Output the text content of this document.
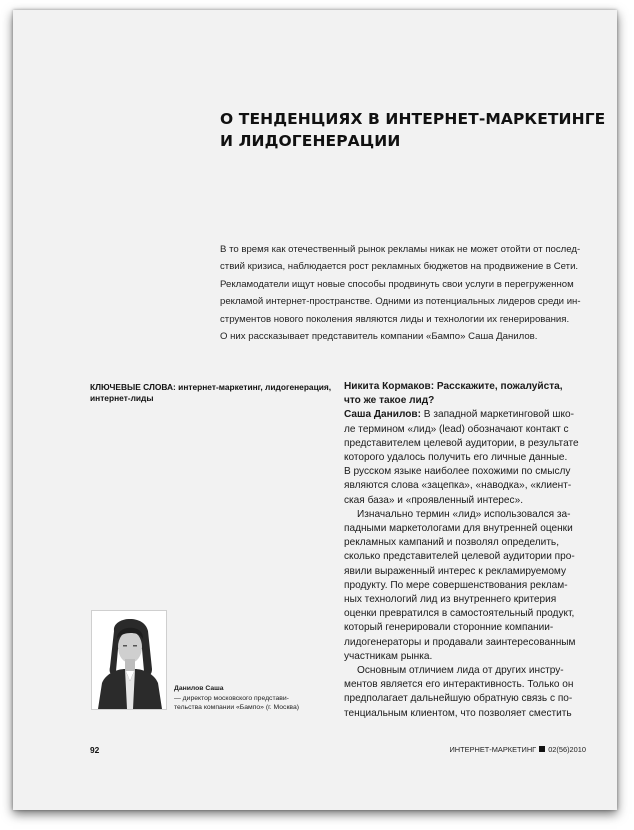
О ТЕНДЕНЦИЯХ В ИНТЕРНЕТ-МАРКЕТИНГЕ
И ЛИДОГЕНЕРАЦИИ
В то время как отечественный рынок рекламы никак не может отойти от послед-
ствий кризиса, наблюдается рост рекламных бюджетов на продвижение в Сети.
Рекламодатели ищут новые способы продвинуть свои услуги в перегруженном
рекламой интернет-пространстве. Одними из потенциальных лидеров среди ин-
струментов нового поколения являются лиды и технологии их генерирования.
О них рассказывает представитель компании «Бампо» Саша Данилов.
КЛЮЧЕВЫЕ СЛОВА: интернет-маркетинг, лидогенерация,
интернет-лиды
Никита Кормаков: Расскажите, пожалуйста,
что же такое лид?
Саша Данилов: В западной маркетинговой шко-
ле термином «лид» (lead) обозначают контакт с
представителем целевой аудитории, в результате
которого удалось получить его личные данные.
В русском языке наиболее похожими по смыслу
являются слова «зацепка», «наводка», «клиент-
ская база» и «проявленный интерес».
Изначально термин «лид» использовался за-
падными маркетологами для внутренней оценки
рекламных кампаний и позволял определить,
сколько представителей целевой аудитории про-
явили выраженный интерес к рекламируемому
продукту. По мере совершенствования реклам-
ных технологий лид из внутреннего критерия
оценки превратился в самостоятельный продукт,
который генерировали сторонние компании-
лидогенераторы и продавали заинтересованным
участникам рынка.
Основным отличием лида от других инстру-
ментов является его интерактивность. Только он
предполагает дальнейшую обратную связь с по-
тенциальным клиентом, что позволяет сместить
Данилов Саша
— директор московского представи-
тельства компании «Бампо» (г. Москва)
92	ИНТЕРНЕТ-МАРКЕТИНГ 02(56)2010
